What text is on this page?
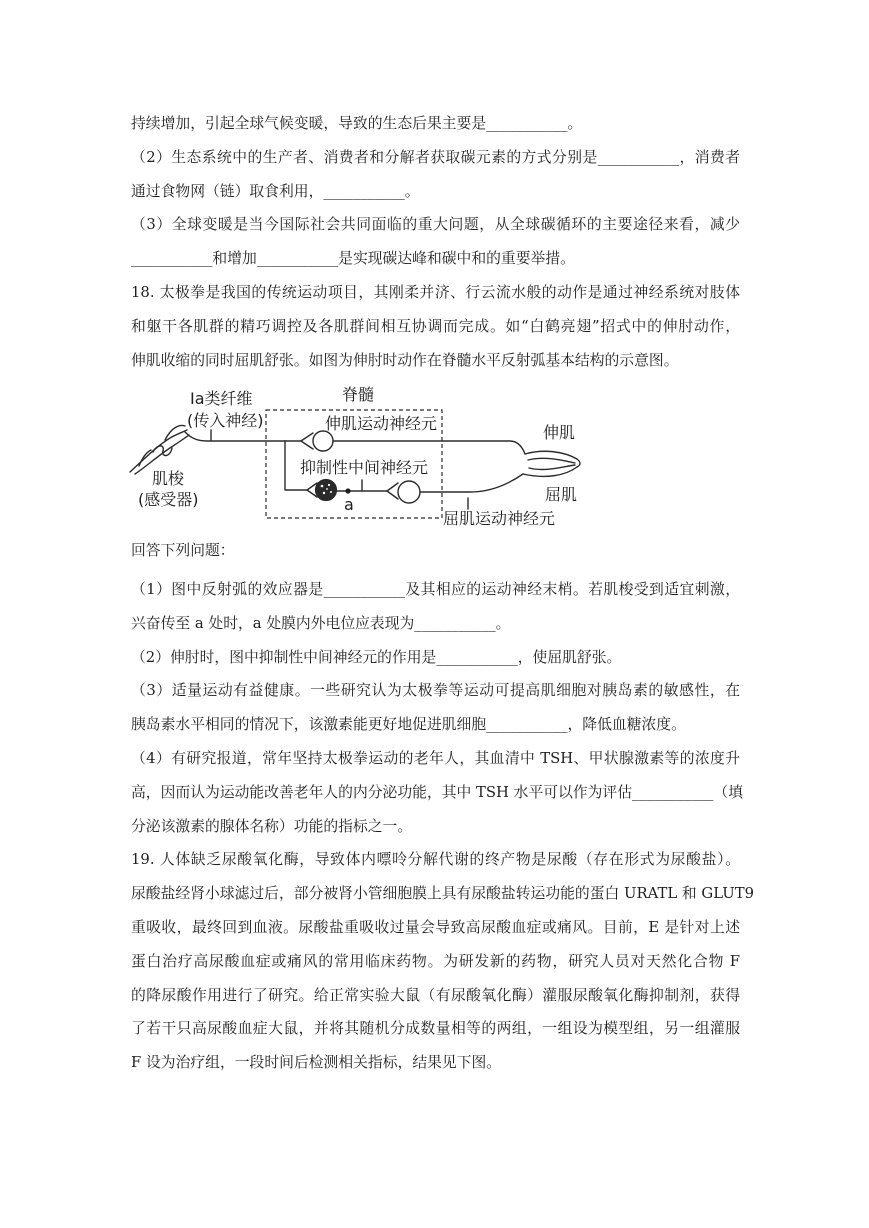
持续增加，引起全球气候变暖，导致的生态后果主要是___________。
（2）生态系统中的生产者、消费者和分解者获取碳元素的方式分别是___________，消费者
通过食物网（链）取食利用，___________。
（3）全球变暖是当今国际社会共同面临的重大问题，从全球碳循环的主要途径来看，减少
___________和增加___________是实现碳达峰和碳中和的重要举措。
18. 太极拳是我国的传统运动项目，其刚柔并济、行云流水般的动作是通过神经系统对肢体
和躯干各肌群的精巧调控及各肌群间相互协调而完成。如“白鹤亮翅”招式中的伸肘动作，
伸肌收缩的同时屈肌舒张。如图为伸肘时动作在脊髓水平反射弧基本结构的示意图。
Ⅰa类纤维
(传入神经)
脊髓
伸肌运动神经元
抑制性中间神经元
a
肌梭
(感受器)
伸肌
屈肌
屈肌运动神经元
回答下列问题：
（1）图中反射弧的效应器是___________及其相应的运动神经末梢。若肌梭受到适宜刺激，
兴奋传至 a 处时，a 处膜内外电位应表现为___________。
（2）伸肘时，图中抑制性中间神经元的作用是___________，使屈肌舒张。
（3）适量运动有益健康。一些研究认为太极拳等运动可提高肌细胞对胰岛素的敏感性，在
胰岛素水平相同的情况下，该激素能更好地促进肌细胞___________，降低血糖浓度。
（4）有研究报道，常年坚持太极拳运动的老年人，其血清中 TSH、甲状腺激素等的浓度升
高，因而认为运动能改善老年人的内分泌功能，其中 TSH 水平可以作为评估___________（填
分泌该激素的腺体名称）功能的指标之一。
19. 人体缺乏尿酸氧化酶，导致体内嘌呤分解代谢的终产物是尿酸（存在形式为尿酸盐）。
尿酸盐经肾小球滤过后，部分被肾小管细胞膜上具有尿酸盐转运功能的蛋白 URATL 和 GLUT9
重吸收，最终回到血液。尿酸盐重吸收过量会导致高尿酸血症或痛风。目前，E 是针对上述
蛋白治疗高尿酸血症或痛风的常用临床药物。为研发新的药物，研究人员对天然化合物 F
的降尿酸作用进行了研究。给正常实验大鼠（有尿酸氧化酶）灌服尿酸氧化酶抑制剂，获得
了若干只高尿酸血症大鼠，并将其随机分成数量相等的两组，一组设为模型组，另一组灌服
F 设为治疗组，一段时间后检测相关指标，结果见下图。
